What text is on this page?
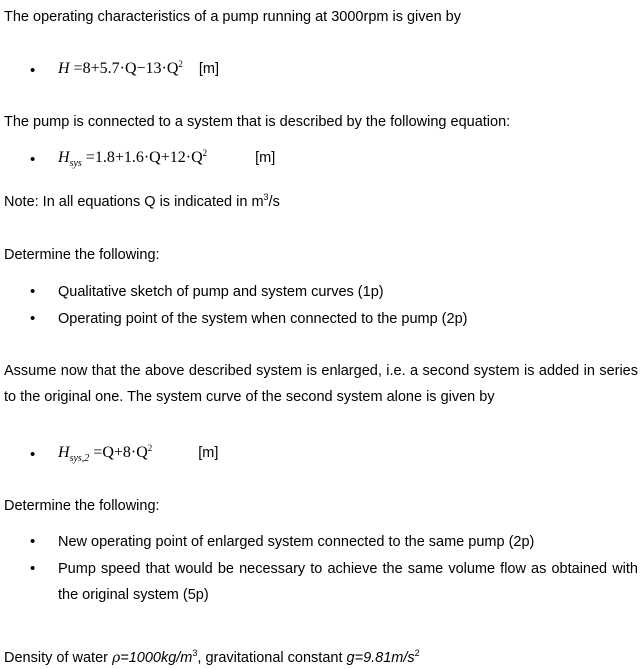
The operating characteristics of a pump running at 3000rpm is given by
• $H =8+5.7\cdot Q-13\cdot Q^2$ [m]
The pump is connected to a system that is described by the following equation:
• $H_{sys} =1.8+1.6\cdot Q+12\cdot Q^2$	[m]
Note: In all equations Q is indicated in $m^3/s$
Determine the following:
• Qualitative sketch of pump and system curves (1p)
• Operating point of the system when connected to the pump (2p)
Assume now that the above described system is enlarged, i.e. a second system is added in series to the original one. The system curve of the second system alone is given by
• $H_{sys,2} =Q+8\cdot Q^2$	[m]
Determine the following:
• New operating point of enlarged system connected to the same pump (2p)
• Pump speed that would be necessary to achieve the same volume flow as obtained with the original system (5p)
Density of water $\rho=1000kg/m^3$, gravitational constant $g=9.81m/s^2$
